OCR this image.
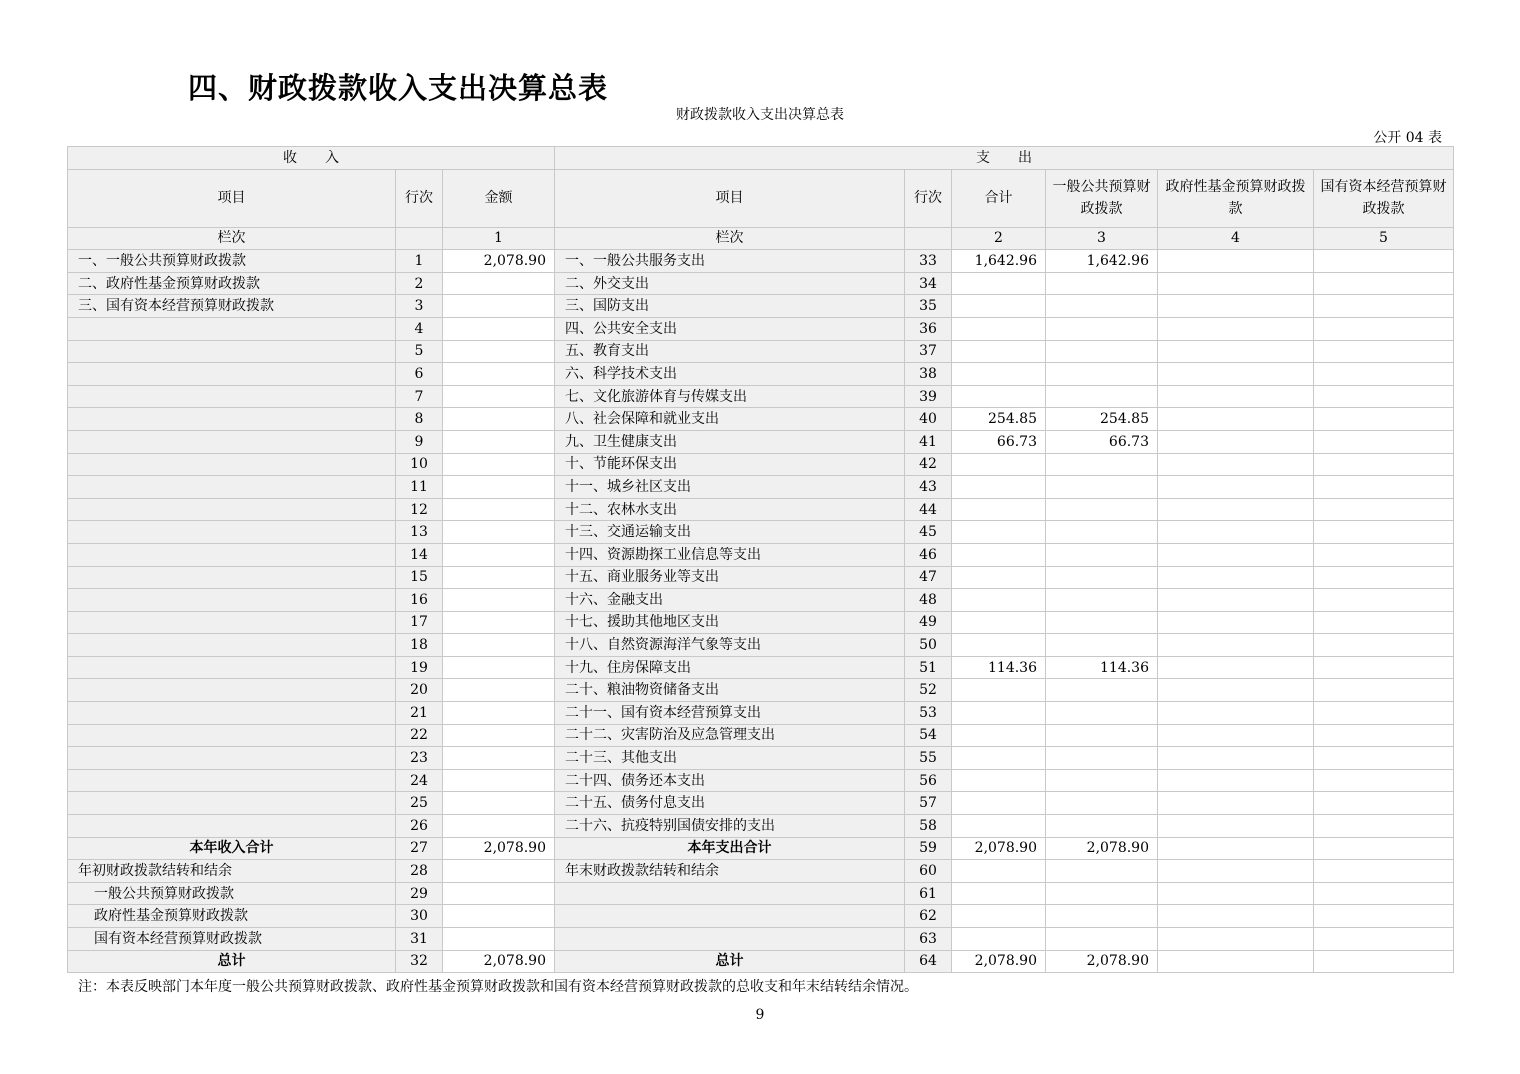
四、财政拨款收入支出决算总表
财政拨款收入支出决算总表
公开 04 表
收　　入			支　　出					
项目	行次	金额	项目	行次	合计	一般公共预算财政拨款	政府性基金预算财政拨款	国有资本经营预算财政拨款
栏次		1	栏次		2	3	4	5
一、一般公共预算财政拨款	1	2,078.90	一、一般公共服务支出	33	1,642.96	1,642.96		
二、政府性基金预算财政拨款	2		二、外交支出	34				
三、国有资本经营预算财政拨款	3		三、国防支出	35				
	4		四、公共安全支出	36				
	5		五、教育支出	37				
	6		六、科学技术支出	38				
	7		七、文化旅游体育与传媒支出	39				
	8		八、社会保障和就业支出	40	254.85	254.85		
	9		九、卫生健康支出	41	66.73	66.73		
	10		十、节能环保支出	42				
	11		十一、城乡社区支出	43				
	12		十二、农林水支出	44				
	13		十三、交通运输支出	45				
	14		十四、资源勘探工业信息等支出	46				
	15		十五、商业服务业等支出	47				
	16		十六、金融支出	48				
	17		十七、援助其他地区支出	49				
	18		十八、自然资源海洋气象等支出	50				
	19		十九、住房保障支出	51	114.36	114.36		
	20		二十、粮油物资储备支出	52				
	21		二十一、国有资本经营预算支出	53				
	22		二十二、灾害防治及应急管理支出	54				
	23		二十三、其他支出	55				
	24		二十四、债务还本支出	56				
	25		二十五、债务付息支出	57				
	26		二十六、抗疫特别国债安排的支出	58				
本年收入合计	27	2,078.90	本年支出合计	59	2,078.90	2,078.90		
年初财政拨款结转和结余	28		年末财政拨款结转和结余	60				
一般公共预算财政拨款	29			61				
政府性基金预算财政拨款	30			62				
国有资本经营预算财政拨款	31			63				
总计	32	2,078.90	总计	64	2,078.90	2,078.90		
注：本表反映部门本年度一般公共预算财政拨款、政府性基金预算财政拨款和国有资本经营预算财政拨款的总收支和年末结转结余情况。
9
